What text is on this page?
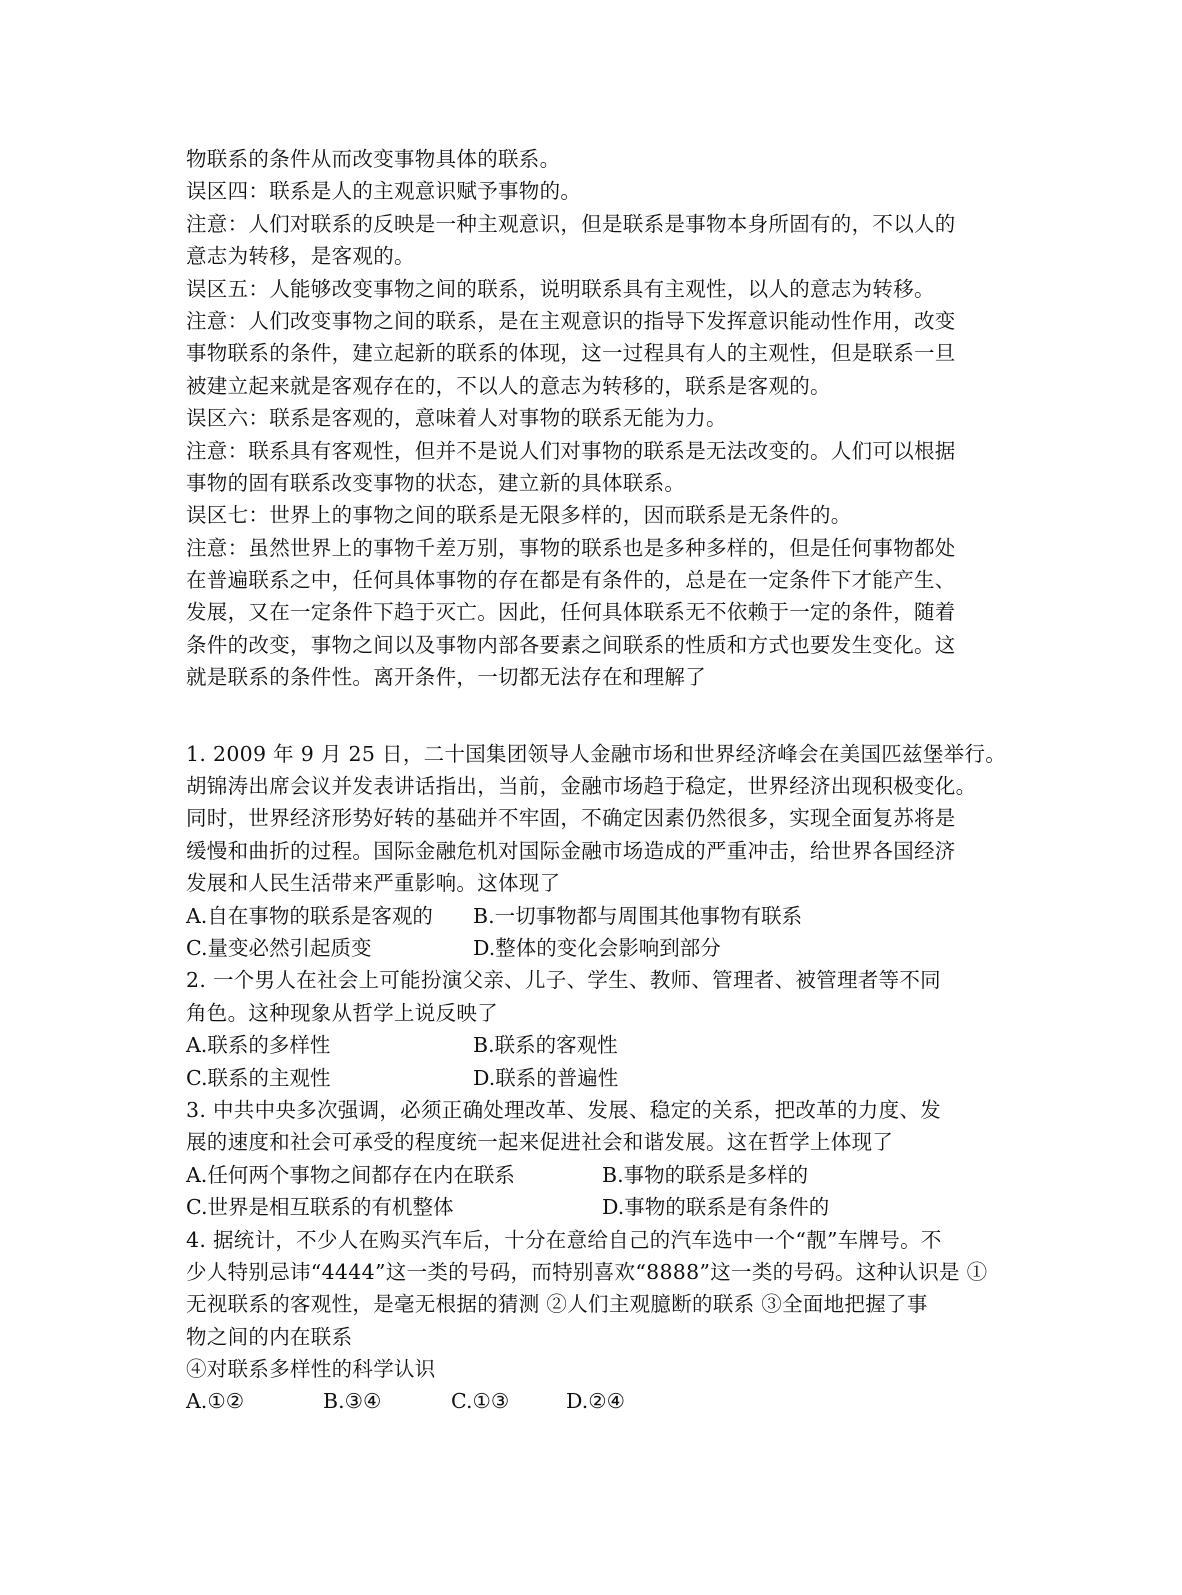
物联系的条件从而改变事物具体的联系。
误区四：联系是人的主观意识赋予事物的。
注意：人们对联系的反映是一种主观意识，但是联系是事物本身所固有的，不以人的
意志为转移，是客观的。
误区五：人能够改变事物之间的联系，说明联系具有主观性，以人的意志为转移。
注意：人们改变事物之间的联系，是在主观意识的指导下发挥意识能动性作用，改变
事物联系的条件，建立起新的联系的体现，这一过程具有人的主观性，但是联系一旦
被建立起来就是客观存在的，不以人的意志为转移的，联系是客观的。
误区六：联系是客观的，意味着人对事物的联系无能为力。
注意：联系具有客观性，但并不是说人们对事物的联系是无法改变的。人们可以根据
事物的固有联系改变事物的状态，建立新的具体联系。
误区七：世界上的事物之间的联系是无限多样的，因而联系是无条件的。
注意：虽然世界上的事物千差万别，事物的联系也是多种多样的，但是任何事物都处
在普遍联系之中，任何具体事物的存在都是有条件的，总是在一定条件下才能产生、
发展，又在一定条件下趋于灭亡。因此，任何具体联系无不依赖于一定的条件，随着
条件的改变，事物之间以及事物内部各要素之间联系的性质和方式也要发生变化。这
就是联系的条件性。离开条件，一切都无法存在和理解了
1. 2009 年 9 月 25 日，二十国集团领导人金融市场和世界经济峰会在美国匹兹堡举行。
胡锦涛出席会议并发表讲话指出，当前，金融市场趋于稳定，世界经济出现积极变化。
同时，世界经济形势好转的基础并不牢固，不确定因素仍然很多，实现全面复苏将是
缓慢和曲折的过程。国际金融危机对国际金融市场造成的严重冲击，给世界各国经济
发展和人民生活带来严重影响。这体现了
A.自在事物的联系是客观的 B.一切事物都与周围其他事物有联系
C.量变必然引起质变	D.整体的变化会影响到部分
2. 一个男人在社会上可能扮演父亲、儿子、学生、教师、管理者、被管理者等不同
角色。这种现象从哲学上说反映了
A.联系的多样性	B.联系的客观性
C.联系的主观性	D.联系的普遍性
3. 中共中央多次强调，必须正确处理改革、发展、稳定的关系，把改革的力度、发
展的速度和社会可承受的程度统一起来促进社会和谐发展。这在哲学上体现了
A.任何两个事物之间都存在内在联系	B.事物的联系是多样的
C.世界是相互联系的有机整体	D.事物的联系是有条件的
4. 据统计，不少人在购买汽车后，十分在意给自己的汽车选中一个“靓”车牌号。不
少人特别忌讳“4444”这一类的号码，而特别喜欢“8888”这一类的号码。这种认识是 ①
无视联系的客观性，是毫无根据的猜测 ②人们主观臆断的联系 ③全面地把握了事
物之间的内在联系
④对联系多样性的科学认识
A.①②	B.③④	C.①③	D.②④
